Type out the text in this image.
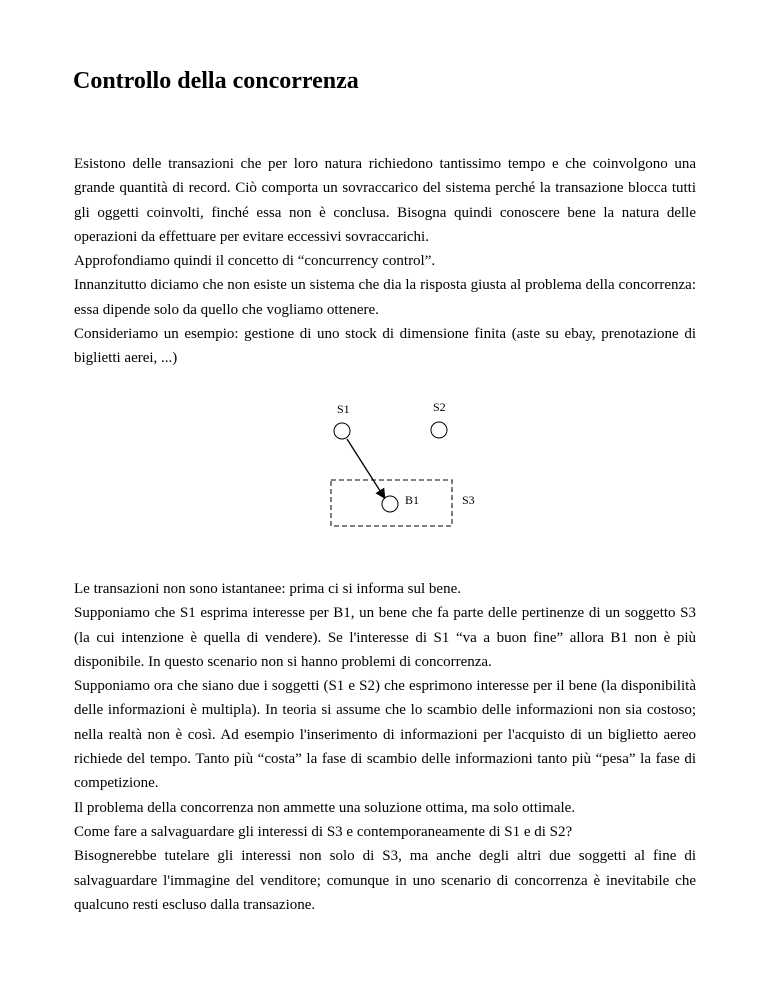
Controllo della concorrenza
Esistono delle transazioni che per loro natura richiedono tantissimo tempo e che coinvolgono una grande quantità di record. Ciò comporta un sovraccarico del sistema perché la transazione blocca tutti gli oggetti coinvolti, finché essa non è conclusa. Bisogna quindi conoscere bene la natura delle operazioni da effettuare per evitare eccessivi sovraccarichi.
Approfondiamo quindi il concetto di “concurrency control”.
Innanzitutto diciamo che non esiste un sistema che dia la risposta giusta al problema della concorrenza: essa dipende solo da quello che vogliamo ottenere.
Consideriamo un esempio: gestione di uno stock di dimensione finita (aste su ebay, prenotazione di biglietti aerei, ...)
S1	S2
B1	S3
Le transazioni non sono istantanee: prima ci si informa sul bene.
Supponiamo che S1 esprima interesse per B1, un bene che fa parte delle pertinenze di un soggetto S3 (la cui intenzione è quella di vendere). Se l'interesse di S1 “va a buon fine” allora B1 non è più disponibile. In questo scenario non si hanno problemi di concorrenza.
Supponiamo ora che siano due i soggetti (S1 e S2) che esprimono interesse per il bene (la disponibilità delle informazioni è multipla). In teoria si assume che lo scambio delle informazioni non sia costoso; nella realtà non è così. Ad esempio l'inserimento di informazioni per l'acquisto di un biglietto aereo richiede del tempo. Tanto più “costa” la fase di scambio delle informazioni tanto più “pesa” la fase di competizione.
Il problema della concorrenza non ammette una soluzione ottima, ma solo ottimale.
Come fare a salvaguardare gli interessi di S3 e contemporaneamente di S1 e di S2?
Bisognerebbe tutelare gli interessi non solo di S3, ma anche degli altri due soggetti al fine di salvaguardare l'immagine del venditore; comunque in uno scenario di concorrenza è inevitabile che qualcuno resti escluso dalla transazione.
